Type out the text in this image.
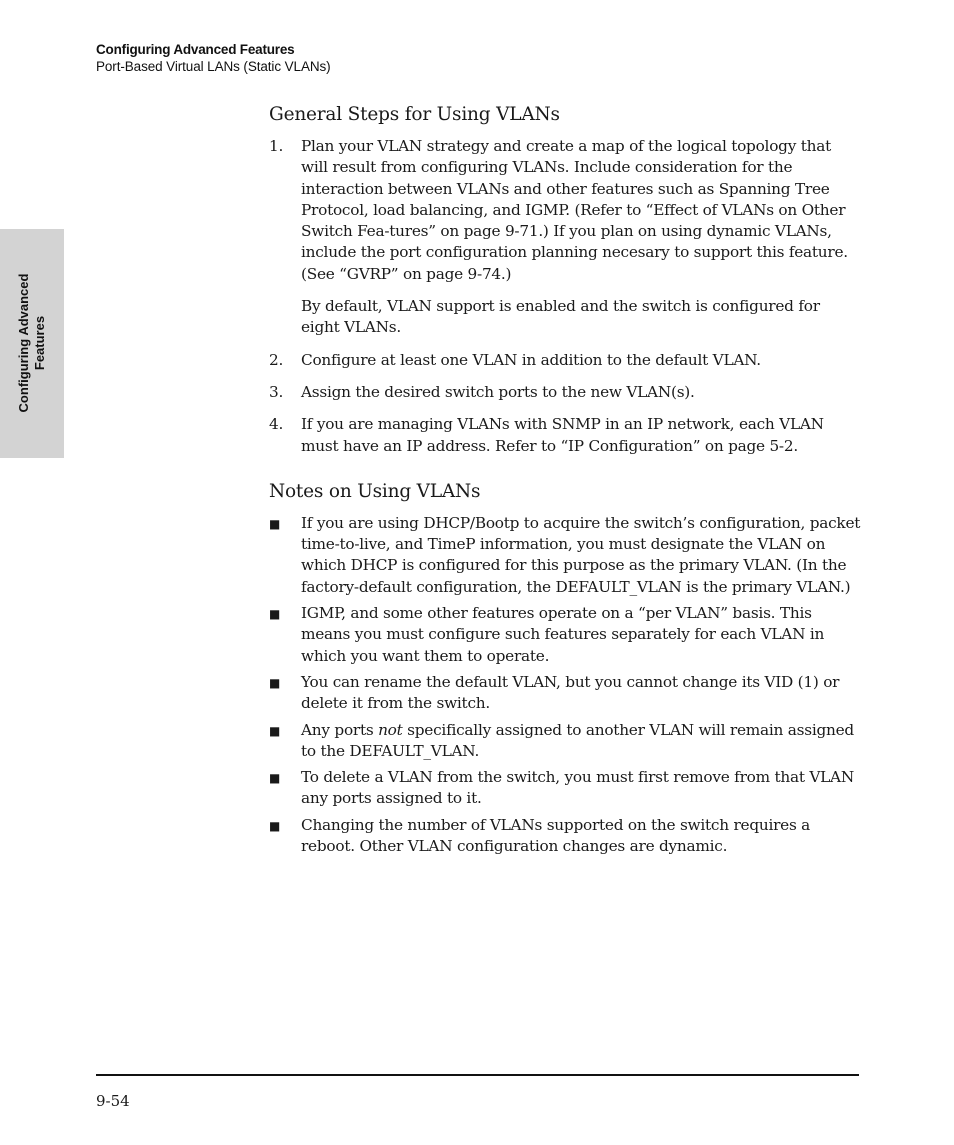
Configuring Advanced Features
Port-Based Virtual LANs (Static VLANs)
Configuring Advanced Features
General Steps for Using VLANs
1. Plan your VLAN strategy and create a map of the logical topology that will result from configuring VLANs. Include consideration for the interaction between VLANs and other features such as Spanning Tree Protocol, load balancing, and IGMP. (Refer to “Effect of VLANs on Other Switch Fea-tures” on page 9-71.) If you plan on using dynamic VLANs, include the port configuration planning necesary to support this feature. (See “GVRP” on page 9-74.)
By default, VLAN support is enabled and the switch is configured for eight VLANs.
2. Configure at least one VLAN in addition to the default VLAN.
3. Assign the desired switch ports to the new VLAN(s).
4. If you are managing VLANs with SNMP in an IP network, each VLAN must have an IP address. Refer to “IP Configuration” on page 5-2.
Notes on Using VLANs
■ If you are using DHCP/Bootp to acquire the switch’s configuration, packet time-to-live, and TimeP information, you must designate the VLAN on which DHCP is configured for this purpose as the primary VLAN. (In the factory-default configuration, the DEFAULT_VLAN is the primary VLAN.)
■ IGMP, and some other features operate on a “per VLAN” basis. This means you must configure such features separately for each VLAN in which you want them to operate.
■ You can rename the default VLAN, but you cannot change its VID (1) or delete it from the switch.
■ Any ports not specifically assigned to another VLAN will remain assigned to the DEFAULT_VLAN.
■ To delete a VLAN from the switch, you must first remove from that VLAN any ports assigned to it.
■ Changing the number of VLANs supported on the switch requires a reboot. Other VLAN configuration changes are dynamic.
9-54
